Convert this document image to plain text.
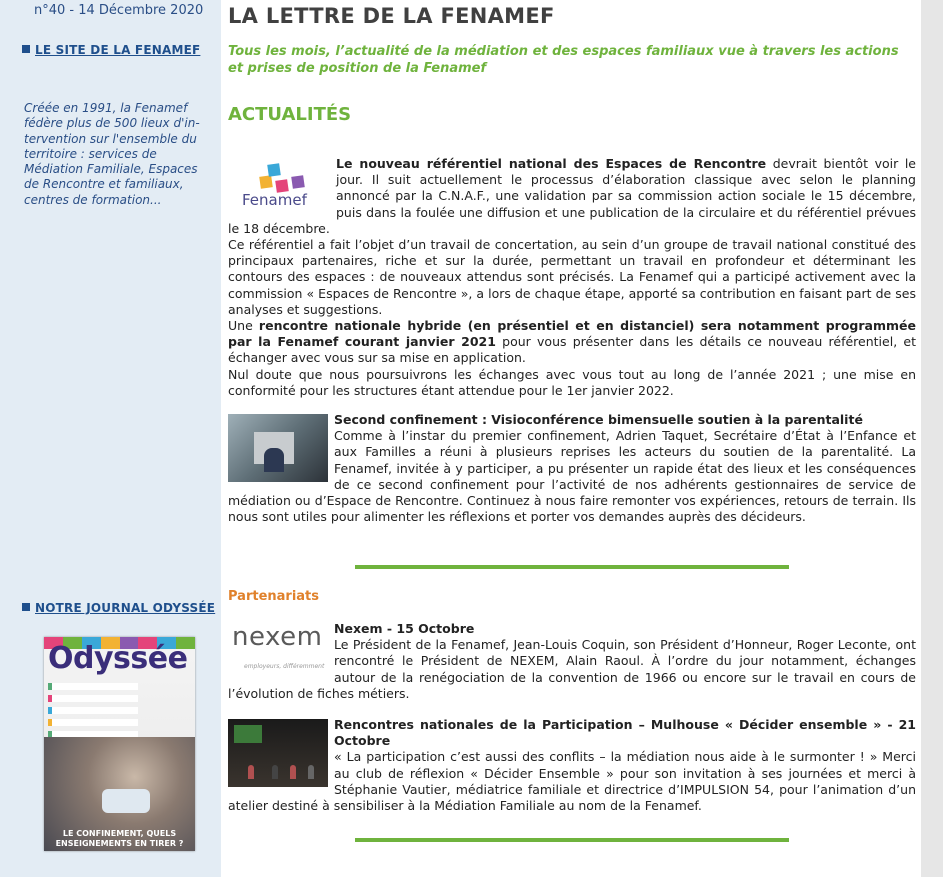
n°40 - 14 Décembre 2020

LE SITE DE LA FENAMEF

Créée en 1991, la Fenamef fédère plus de 500 lieux d'in-tervention sur l'ensemble du territoire : services de Médiation Familiale, Espaces de Rencontre et familiaux, centres de formation...

NOTRE JOURNAL ODYSSÉE
Odyssée
LE CONFINEMENT, QUELS ENSEIGNEMENTS EN TIRER ?
LA LETTRE DE LA FENAMEF

Tous les mois, l’actualité de la médiation et des espaces familiaux vue à travers les actions et prises de position de la Fenamef

ACTUALITÉS
Fenamef

Le nouveau référentiel national des Espaces de Rencontre devrait bientôt voir le jour. Il suit actuellement le processus d’élaboration classique avec selon le planning annoncé par la C.N.A.F., une validation par sa commission action sociale le 15 décembre, puis dans la foulée une diffusion et une publication de la circulaire et du référentiel prévues le 18 décembre.

Ce référentiel a fait l’objet d’un travail de concertation, au sein d’un groupe de travail national constitué des principaux partenaires, riche et sur la durée, permettant un travail en profondeur et déterminant les contours des espaces : de nouveaux attendus sont précisés. La Fenamef qui a participé activement avec la commission « Espaces de Rencontre », a lors de chaque étape, apporté sa contribution en faisant part de ses analyses et suggestions.

Une rencontre nationale hybride (en présentiel et en distanciel) sera notamment programmée par la Fenamef courant janvier 2021 pour vous présenter dans les détails ce nouveau référentiel, et échanger avec vous sur sa mise en application.

Nul doute que nous poursuivrons les échanges avec vous tout au long de l’année 2021 ; une mise en conformité pour les structures étant attendue pour le 1er janvier 2022.

Second confinement : Visioconférence bimensuelle soutien à la parentalité
Comme à l’instar du premier confinement, Adrien Taquet, Secrétaire d’État à l’Enfance et aux Familles a réuni à plusieurs reprises les acteurs du soutien de la parentalité. La Fenamef, invitée à y participer, a pu présenter un rapide état des lieux et les conséquences de ce second confinement pour l’activité de nos adhérents gestionnaires de service de médiation ou d’Espace de Rencontre. Continuez à nous faire remonter vos expériences, retours de terrain. Ils nous sont utiles pour alimenter les réflexions et porter vos demandes auprès des décideurs.

Partenariats
nexem
employeurs, différemment

Nexem - 15 Octobre
Le Président de la Fenamef, Jean-Louis Coquin, son Président d’Honneur, Roger Leconte, ont rencontré le Président de NEXEM, Alain Raoul. À l’ordre du jour notamment, échanges autour de la renégociation de la convention de 1966 ou encore sur le travail en cours de l’évolution de fiches métiers.

Rencontres nationales de la Participation – Mulhouse « Décider ensemble » - 21 Octobre
« La participation c’est aussi des conflits – la médiation nous aide à le surmonter ! » Merci au club de réflexion « Décider Ensemble » pour son invitation à ses journées et merci à Stéphanie Vautier, médiatrice familiale et directrice d’IMPULSION 54, pour l’animation d’un atelier destiné à sensibiliser à la Médiation Familiale au nom de la Fenamef.
